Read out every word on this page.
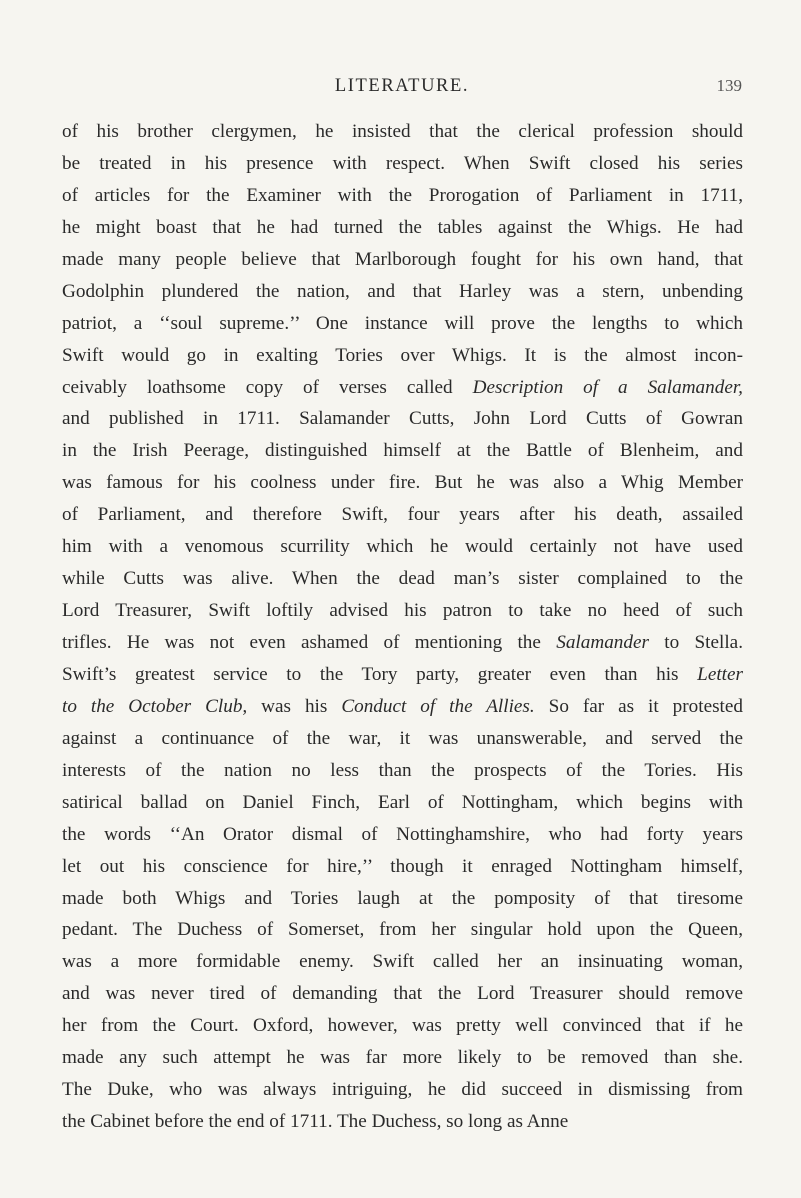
LITERATURE.	139
of his brother clergymen, he insisted that the clerical profession should
be treated in his presence with respect. When Swift closed his series
of articles for the Examiner with the Prorogation of Parliament in 1711,
he might boast that he had turned the tables against the Whigs. He had
made many people believe that Marlborough fought for his own hand, that
Godolphin plundered the nation, and that Harley was a stern, unbending
patriot, a ‘‘soul supreme.’’ One instance will prove the lengths to which
Swift would go in exalting Tories over Whigs. It is the almost incon-
ceivably loathsome copy of verses called Description of a Salamander,
and published in 1711. Salamander Cutts, John Lord Cutts of Gowran
in the Irish Peerage, distinguished himself at the Battle of Blenheim, and
was famous for his coolness under fire. But he was also a Whig Member
of Parliament, and therefore Swift, four years after his death, assailed
him with a venomous scurrility which he would certainly not have used
while Cutts was alive. When the dead man’s sister complained to the
Lord Treasurer, Swift loftily advised his patron to take no heed of such
trifles. He was not even ashamed of mentioning the Salamander to Stella.
Swift’s greatest service to the Tory party, greater even than his Letter
to the October Club, was his Conduct of the Allies. So far as it protested
against a continuance of the war, it was unanswerable, and served the
interests of the nation no less than the prospects of the Tories. His
satirical ballad on Daniel Finch, Earl of Nottingham, which begins with
the words ‘‘An Orator dismal of Nottinghamshire, who had forty years
let out his conscience for hire,’’ though it enraged Nottingham himself,
made both Whigs and Tories laugh at the pomposity of that tiresome
pedant. The Duchess of Somerset, from her singular hold upon the Queen,
was a more formidable enemy. Swift called her an insinuating woman,
and was never tired of demanding that the Lord Treasurer should remove
her from the Court. Oxford, however, was pretty well convinced that if he
made any such attempt he was far more likely to be removed than she.
The Duke, who was always intriguing, he did succeed in dismissing from
the Cabinet before the end of 1711. The Duchess, so long as Anne
